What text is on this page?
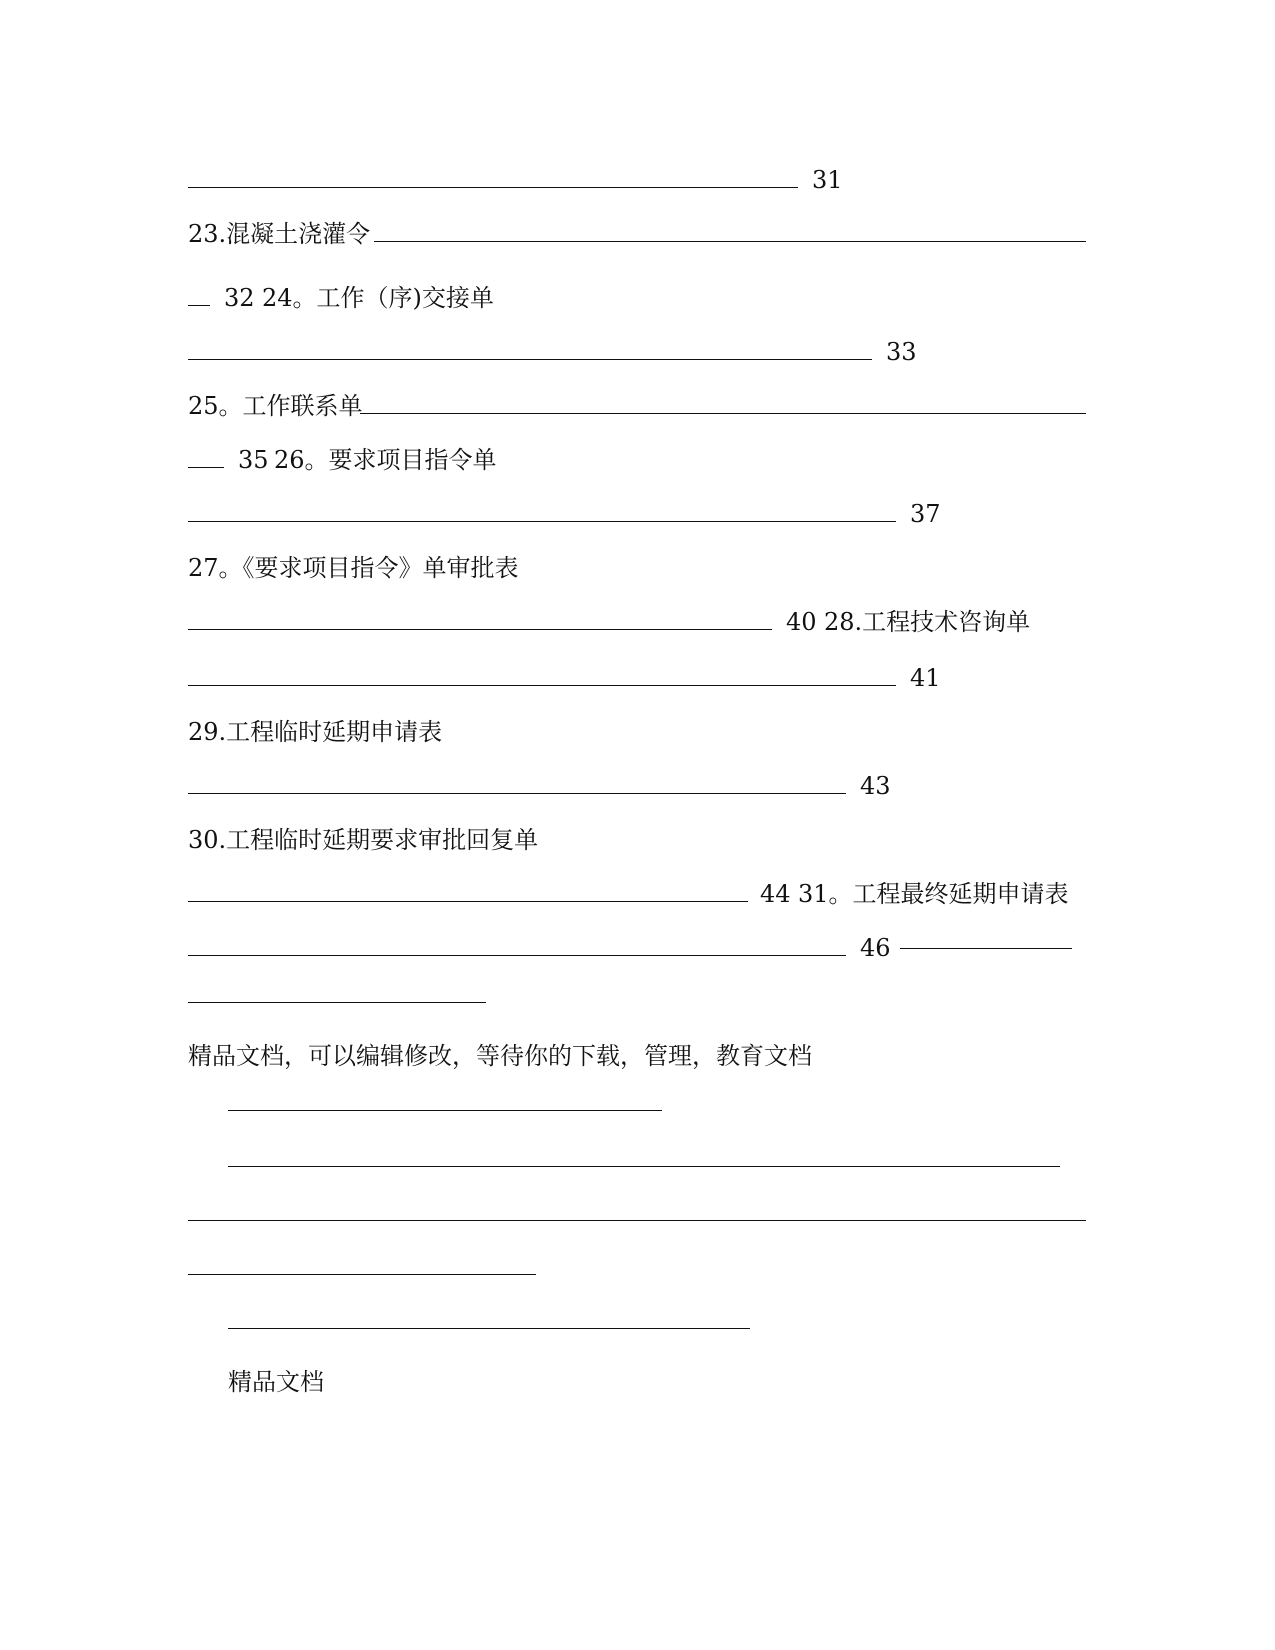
31
23.混凝土浇灌令
32 24。工作（序)交接单
33
25。工作联系单
35 26。要求项目指令单
37
27。《要求项目指令》单审批表
40 28.工程技术咨询单
41
29.工程临时延期申请表
43
30.工程临时延期要求审批回复单
44 31。工程最终延期申请表
46
精品文档，可以编辑修改，等待你的下载，管理，教育文档
精品文档
